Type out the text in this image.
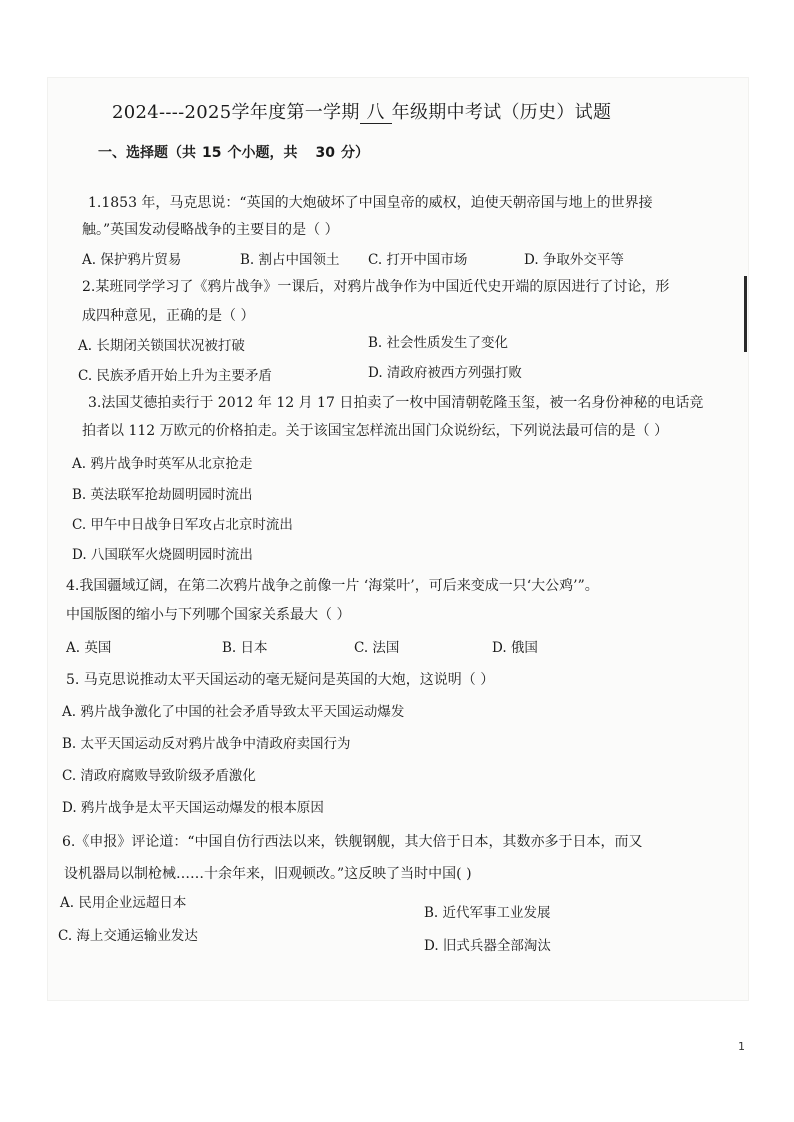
2024----2025学年度第一学期 八 年级期中考试（历史）试题
一、选择题（共 15 个小题，共 30 分）
1.1853 年，马克思说：“英国的大炮破坏了中国皇帝的威权，迫使天朝帝国与地上的世界接
触。”英国发动侵略战争的主要目的是（ ）
A. 保护鸦片贸易	B. 割占中国领土 C. 打开中国市场	D. 争取外交平等
2.某班同学学习了《鸦片战争》一课后，对鸦片战争作为中国近代史开端的原因进行了讨论，形
成四种意见，正确的是（ ）
A. 长期闭关锁国状况被打破	B. 社会性质发生了变化
C. 民族矛盾开始上升为主要矛盾	D. 清政府被西方列强打败
3.法国艾德拍卖行于 2012 年 12 月 17 日拍卖了一枚中国清朝乾隆玉玺，被一名身份神秘的电话竞
拍者以 112 万欧元的价格拍走。关于该国宝怎样流出国门众说纷纭，下列说法最可信的是（ ）
A. 鸦片战争时英军从北京抢走
B. 英法联军抢劫圆明园时流出
C. 甲午中日战争日军攻占北京时流出
D. 八国联军火烧圆明园时流出
4.我国疆域辽阔，在第二次鸦片战争之前像一片 ‘海棠叶’，可后来变成一只‘大公鸡’”。
中国版图的缩小与下列哪个国家关系最大（ ）
A. 英国	B. 日本	C. 法国	D. 俄国
5. 马克思说推动太平天国运动的毫无疑问是英国的大炮，这说明（ ）
A. 鸦片战争激化了中国的社会矛盾导致太平天国运动爆发
B. 太平天国运动反对鸦片战争中清政府卖国行为
C. 清政府腐败导致阶级矛盾激化
D. 鸦片战争是太平天国运动爆发的根本原因
6.《申报》评论道：“中国自仿行西法以来，铁舰钢舰，其大倍于日本，其数亦多于日本，而又
设机器局以制枪械……十余年来，旧观顿改。”这反映了当时中国( )
A. 民用企业远超日本
B. 近代军事工业发展
C. 海上交通运输业发达
D. 旧式兵器全部淘汰
1
